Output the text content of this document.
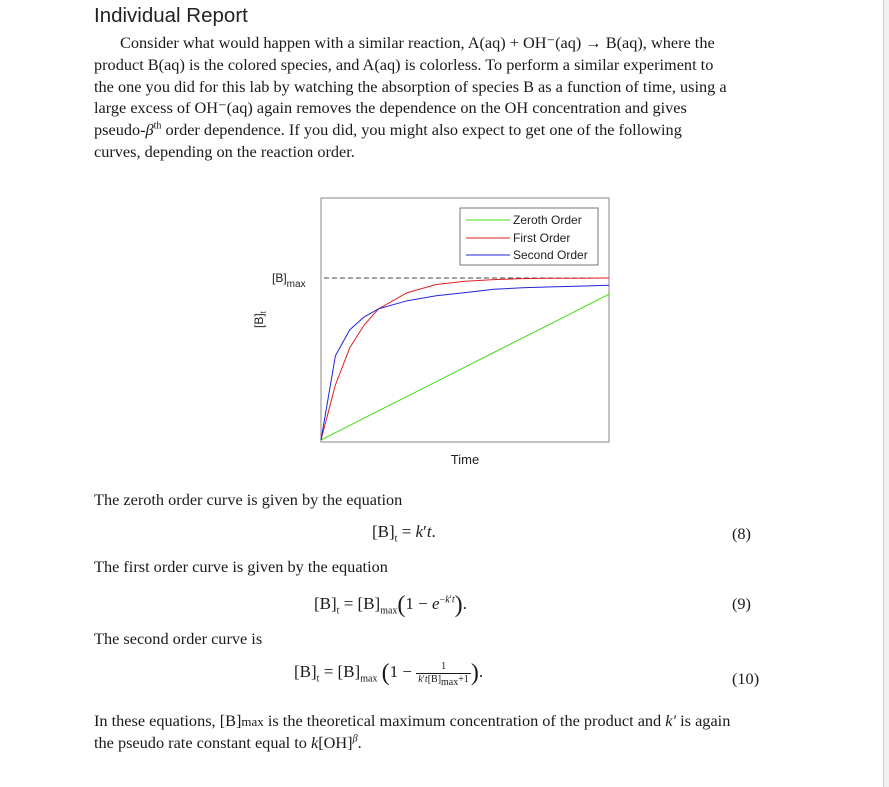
Individual Report

Consider what would happen with a similar reaction, A(aq) + OH⁻(aq) → B(aq), where the
product B(aq) is the colored species, and A(aq) is colorless. To perform a similar experiment to
the one you did for this lab by watching the absorption of species B as a function of time, using a
large excess of OH⁻(aq) again removes the dependence on the OH concentration and gives
pseudo-$\beta^{th}$ order dependence. If you did, you might also expect to get one of the following
curves, depending on the reaction order.

$[B]_{max}$
$[B]_t$
Time
Zeroth Order
First Order
Second Order
The zeroth order curve is given by the equation
$[B]_t = k't$.	(8)
The first order curve is given by the equation
$[B]_t = [B]_{max}(1 - e^{-k't})$.	(9)
The second order curve is
$[B]_t = [B]_{max}$ ($1 - \frac{1}{k't[B]_{max}+1}$ ).	(10)
In these equations, [B]max is the theoretical maximum concentration of the product and k′ is again
the pseudo rate constant equal to k[OH]$^\beta$.
